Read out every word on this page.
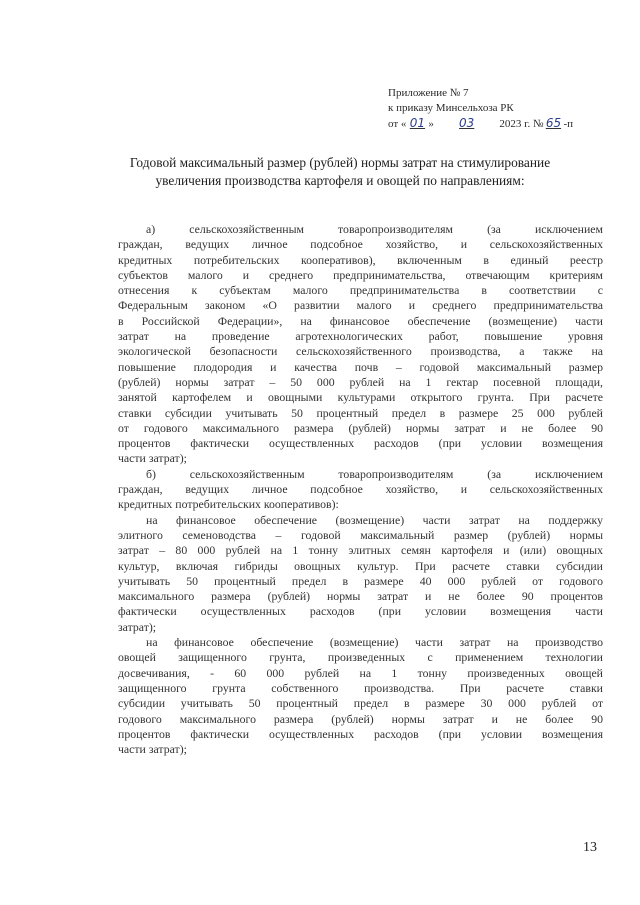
Приложение № 7
к приказу Минсельхоза РК
от « 01 » 03 2023 г. № 65 -п
Годовой максимальный размер (рублей) нормы затрат на стимулирование
увеличения производства картофеля и овощей по направлениям:
а) сельскохозяйственным товаропроизводителям (за исключением
граждан, ведущих личное подсобное хозяйство, и сельскохозяйственных
кредитных потребительских кооперативов), включенным в единый реестр
субъектов малого и среднего предпринимательства, отвечающим критериям
отнесения к субъектам малого предпринимательства в соответствии с
Федеральным законом «О развитии малого и среднего предпринимательства
в Российской Федерации», на финансовое обеспечение (возмещение) части
затрат на проведение агротехнологических работ, повышение уровня
экологической безопасности сельскохозяйственного производства, а также на
повышение плодородия и качества почв – годовой максимальный размер
(рублей) нормы затрат – 50 000 рублей на 1 гектар посевной площади,
занятой картофелем и овощными культурами открытого грунта. При расчете
ставки субсидии учитывать 50 процентный предел в размере 25 000 рублей
от годового максимального размера (рублей) нормы затрат и не более 90
процентов фактически осуществленных расходов (при условии возмещения
части затрат);
б) сельскохозяйственным товаропроизводителям (за исключением
граждан, ведущих личное подсобное хозяйство, и сельскохозяйственных
кредитных потребительских кооперативов):
на финансовое обеспечение (возмещение) части затрат на поддержку
элитного семеноводства – годовой максимальный размер (рублей) нормы
затрат – 80 000 рублей на 1 тонну элитных семян картофеля и (или) овощных
культур, включая гибриды овощных культур. При расчете ставки субсидии
учитывать 50 процентный предел в размере 40 000 рублей от годового
максимального размера (рублей) нормы затрат и не более 90 процентов
фактически осуществленных расходов (при условии возмещения части
затрат);
на финансовое обеспечение (возмещение) части затрат на производство
овощей защищенного грунта, произведенных с применением технологии
досвечивания, - 60 000 рублей на 1 тонну произведенных овощей
защищенного грунта собственного производства. При расчете ставки
субсидии учитывать 50 процентный предел в размере 30 000 рублей от
годового максимального размера (рублей) нормы затрат и не более 90
процентов фактически осуществленных расходов (при условии возмещения
части затрат);
13
